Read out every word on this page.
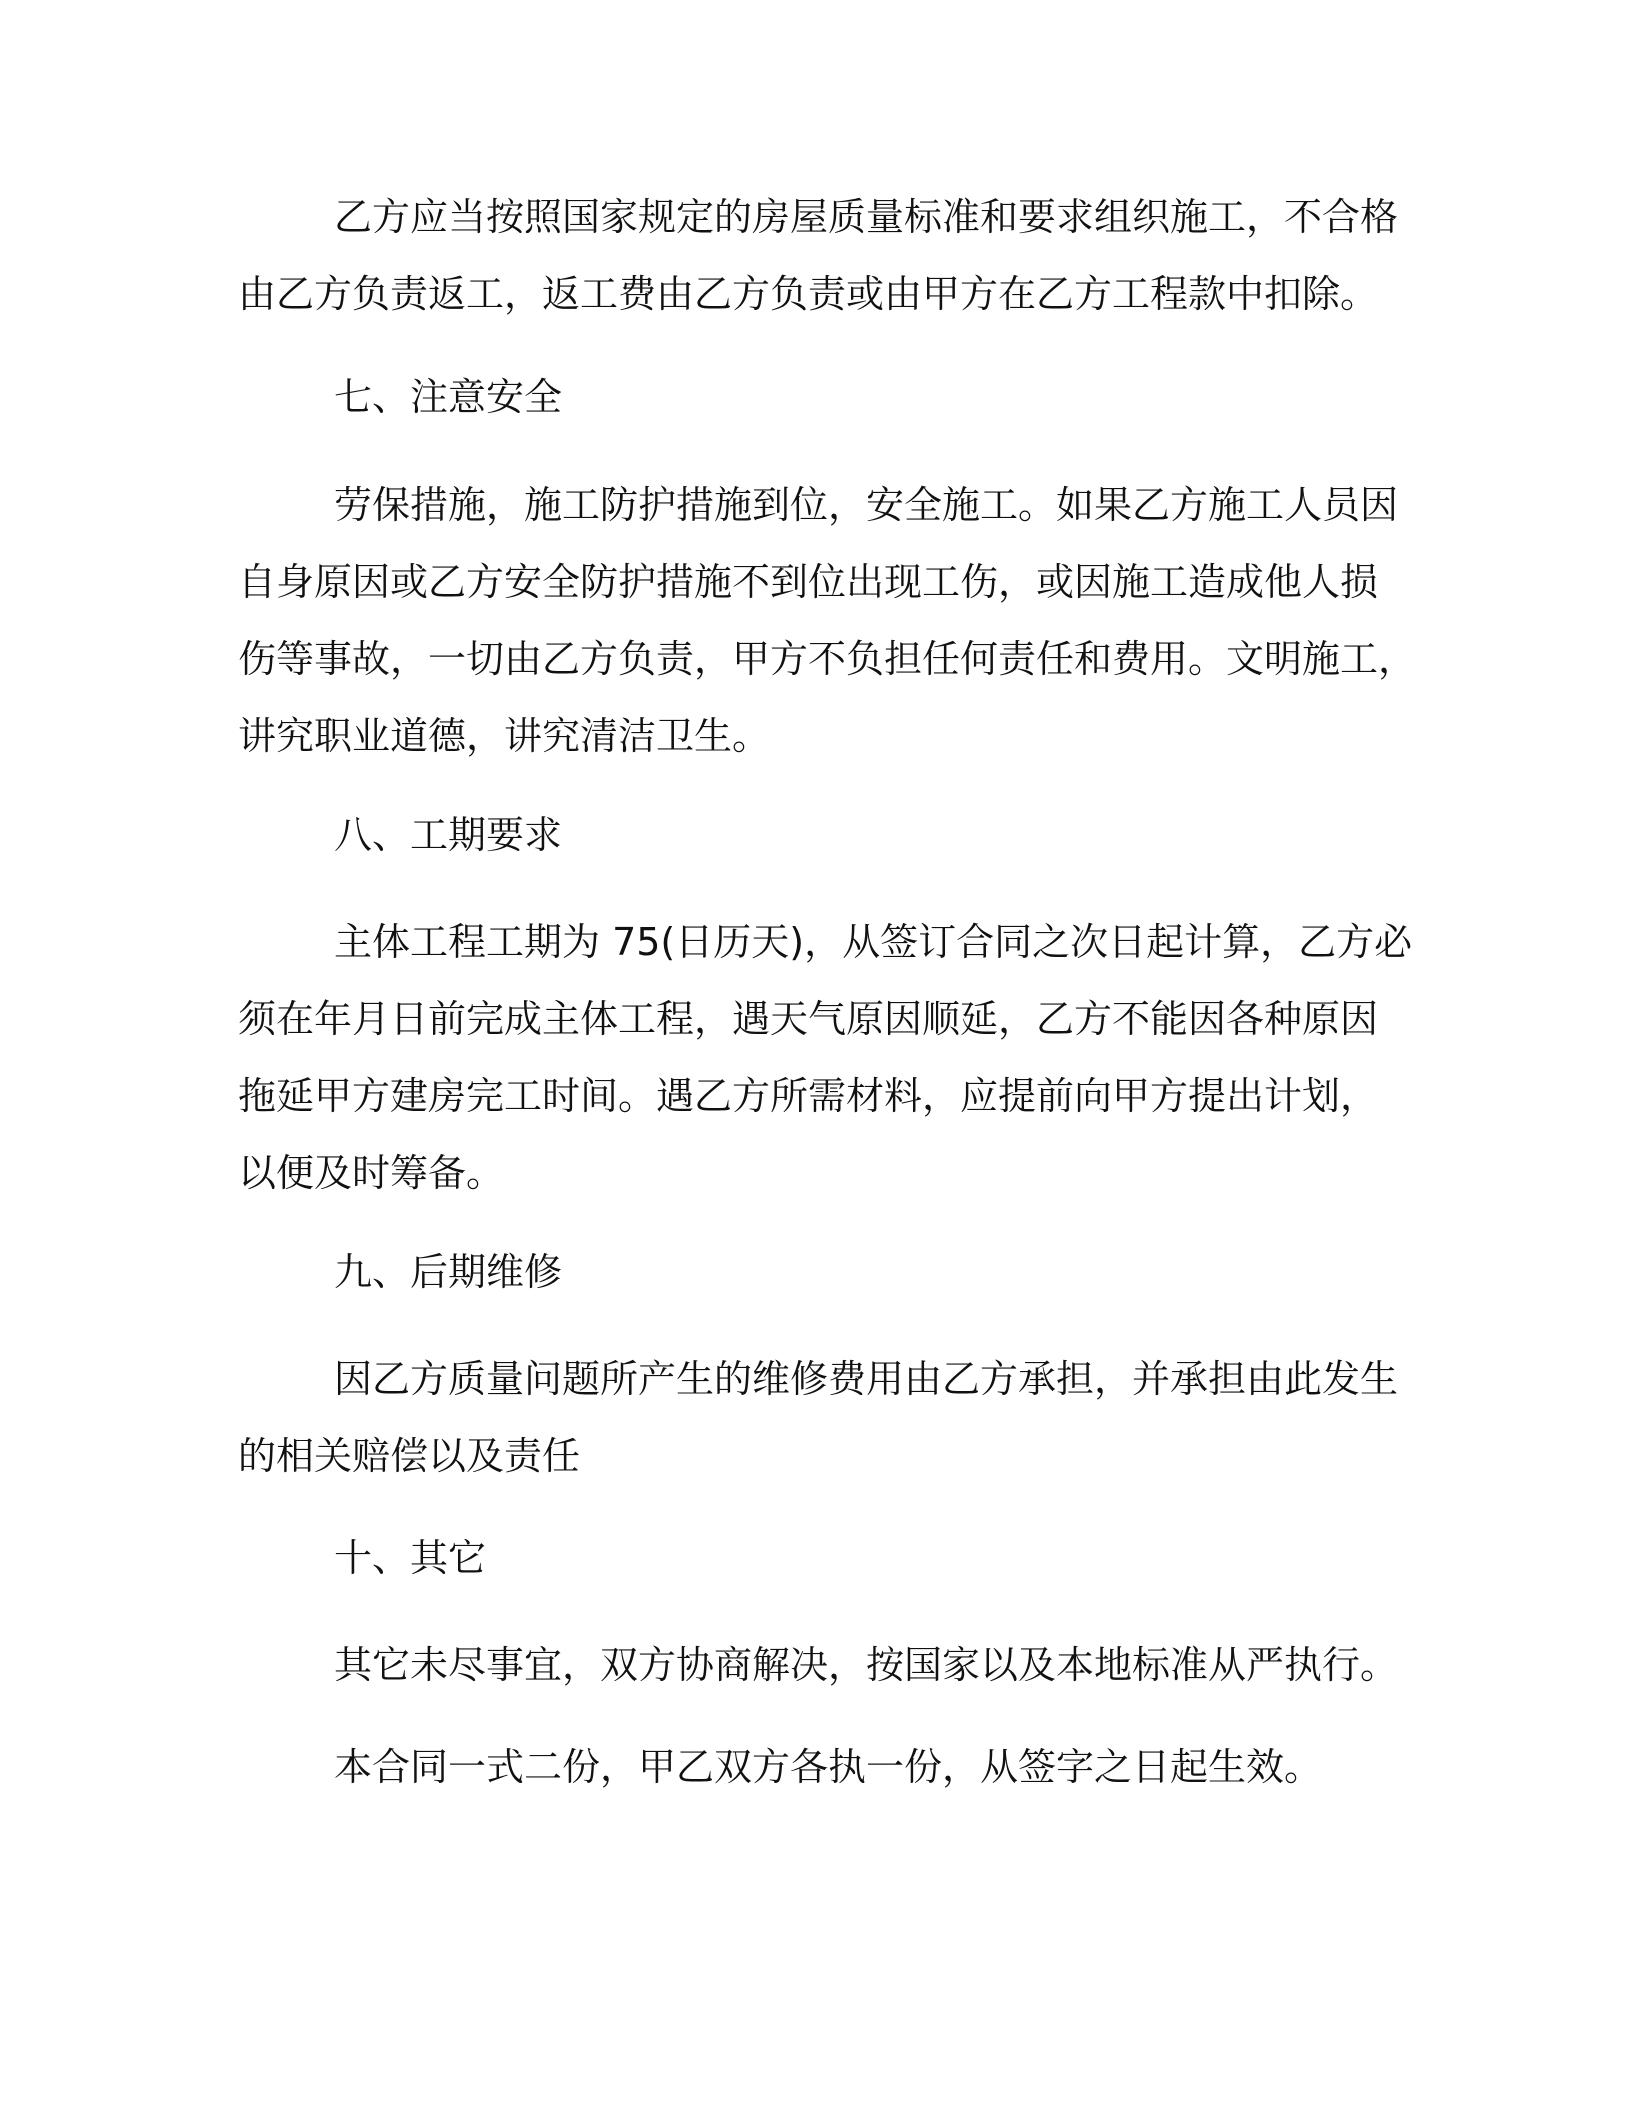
乙方应当按照国家规定的房屋质量标准和要求组织施工，不合格
由乙方负责返工，返工费由乙方负责或由甲方在乙方工程款中扣除。
七、注意安全
劳保措施，施工防护措施到位，安全施工。如果乙方施工人员因
自身原因或乙方安全防护措施不到位出现工伤，或因施工造成他人损
伤等事故，一切由乙方负责，甲方不负担任何责任和费用。文明施工，
讲究职业道德，讲究清洁卫生。
八、工期要求
主体工程工期为 75(日历天)，从签订合同之次日起计算，乙方必
须在年月日前完成主体工程，遇天气原因顺延，乙方不能因各种原因
拖延甲方建房完工时间。遇乙方所需材料，应提前向甲方提出计划，
以便及时筹备。
九、后期维修
因乙方质量问题所产生的维修费用由乙方承担，并承担由此发生
的相关赔偿以及责任
十、其它
其它未尽事宜，双方协商解决，按国家以及本地标准从严执行。
本合同一式二份，甲乙双方各执一份，从签字之日起生效。
